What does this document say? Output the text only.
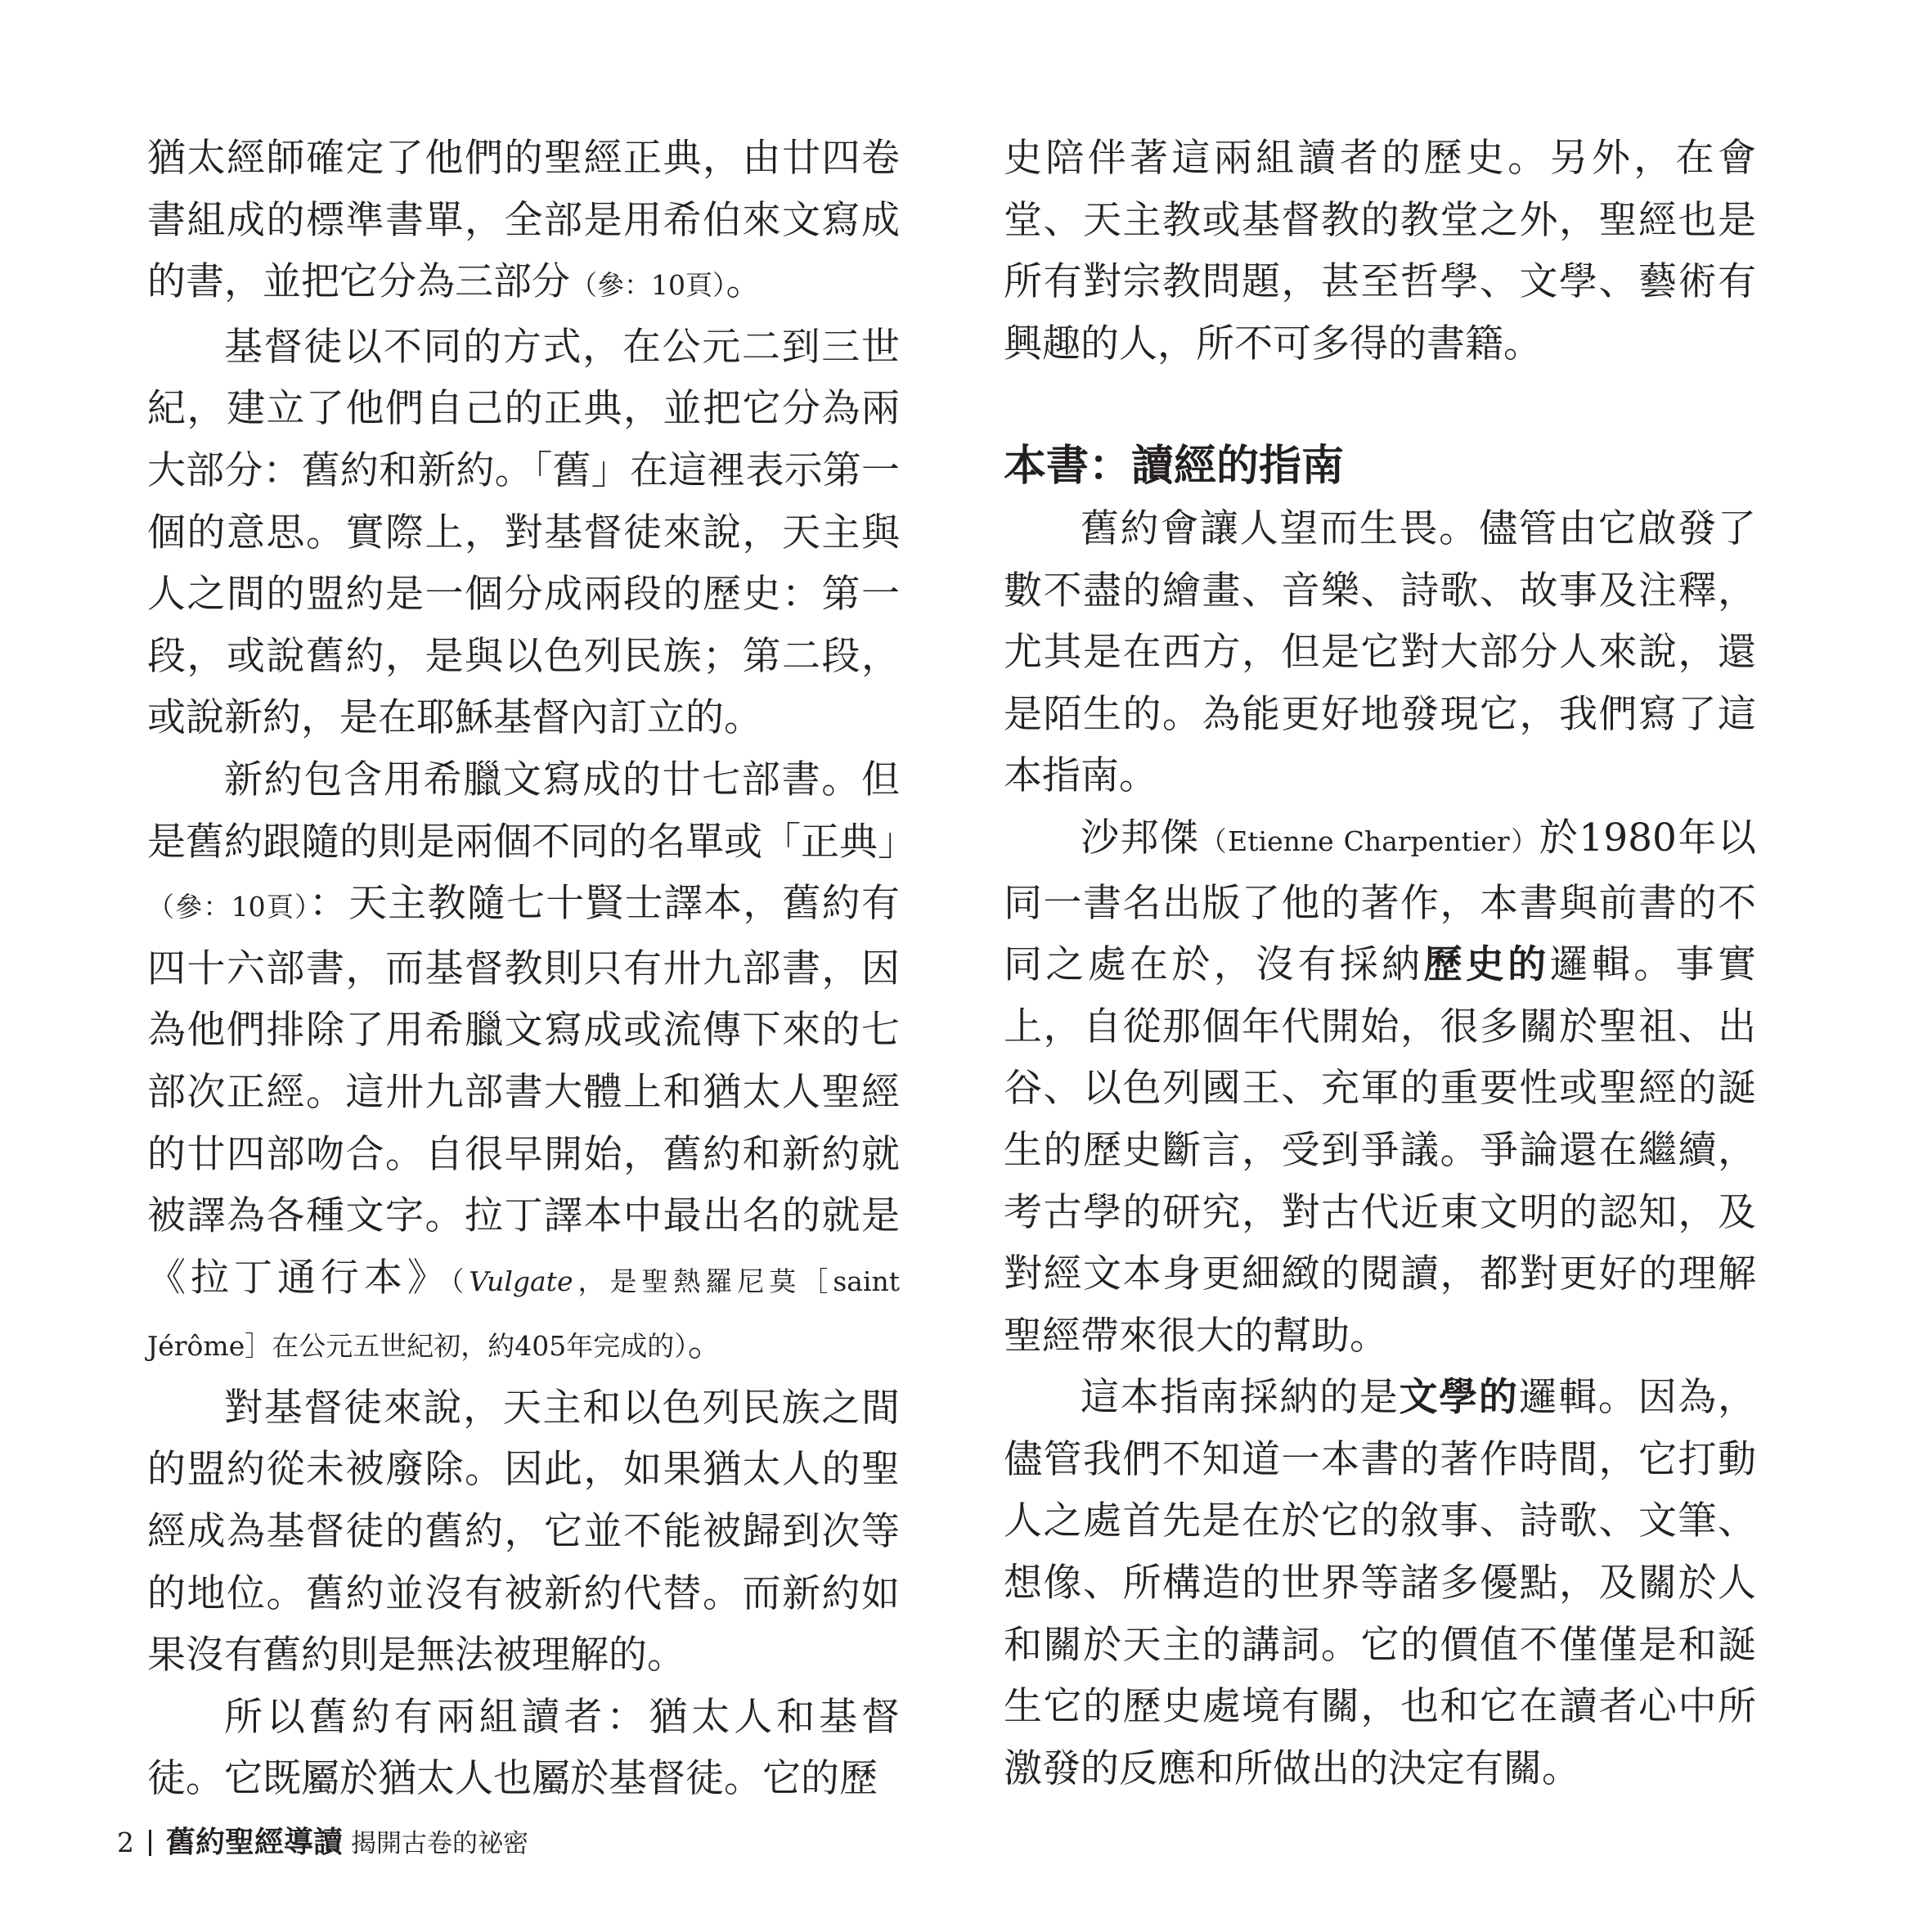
猶太經師確定了他們的聖經正典，由廿四卷書組成的標準書單，全部是用希伯來文寫成的書，並把它分為三部分（參：10頁）。

基督徒以不同的方式，在公元二到三世紀，建立了他們自己的正典，並把它分為兩大部分：舊約和新約。「舊」在這裡表示第一個的意思。實際上，對基督徒來說，天主與人之間的盟約是一個分成兩段的歷史：第一段，或說舊約，是與以色列民族；第二段，或說新約，是在耶穌基督內訂立的。

新約包含用希臘文寫成的廿七部書。但是舊約跟隨的則是兩個不同的名單或「正典」（參：10頁）：天主教隨七十賢士譯本，舊約有四十六部書，而基督教則只有卅九部書，因為他們排除了用希臘文寫成或流傳下來的七部次正經。這卅九部書大體上和猶太人聖經的廿四部吻合。自很早開始，舊約和新約就被譯為各種文字。拉丁譯本中最出名的就是《拉丁通行本》（Vulgate，是聖熱羅尼莫［saint Jérôme］在公元五世紀初，約405年完成的）。

對基督徒來說，天主和以色列民族之間的盟約從未被廢除。因此，如果猶太人的聖經成為基督徒的舊約，它並不能被歸到次等的地位。舊約並沒有被新約代替。而新約如果沒有舊約則是無法被理解的。

所以舊約有兩組讀者：猶太人和基督徒。它既屬於猶太人也屬於基督徒。它的歷

史陪伴著這兩組讀者的歷史。另外，在會堂、天主教或基督教的教堂之外，聖經也是所有對宗教問題，甚至哲學、文學、藝術有興趣的人，所不可多得的書籍。

本書：讀經的指南

舊約會讓人望而生畏。儘管由它啟發了數不盡的繪畫、音樂、詩歌、故事及注釋，尤其是在西方，但是它對大部分人來說，還是陌生的。為能更好地發現它，我們寫了這本指南。

沙邦傑（Etienne Charpentier）於1980年以同一書名出版了他的著作，本書與前書的不同之處在於，沒有採納歷史的邏輯。事實上，自從那個年代開始，很多關於聖祖、出谷、以色列國王、充軍的重要性或聖經的誕生的歷史斷言，受到爭議。爭論還在繼續，考古學的研究，對古代近東文明的認知，及對經文本身更細緻的閱讀，都對更好的理解聖經帶來很大的幫助。

這本指南採納的是文學的邏輯。因為，儘管我們不知道一本書的著作時間，它打動人之處首先是在於它的敘事、詩歌、文筆、想像、所構造的世界等諸多優點，及關於人和關於天主的講詞。它的價值不僅僅是和誕生它的歷史處境有關，也和它在讀者心中所激發的反應和所做出的決定有關。

2 舊約聖經導讀 揭開古卷的祕密
